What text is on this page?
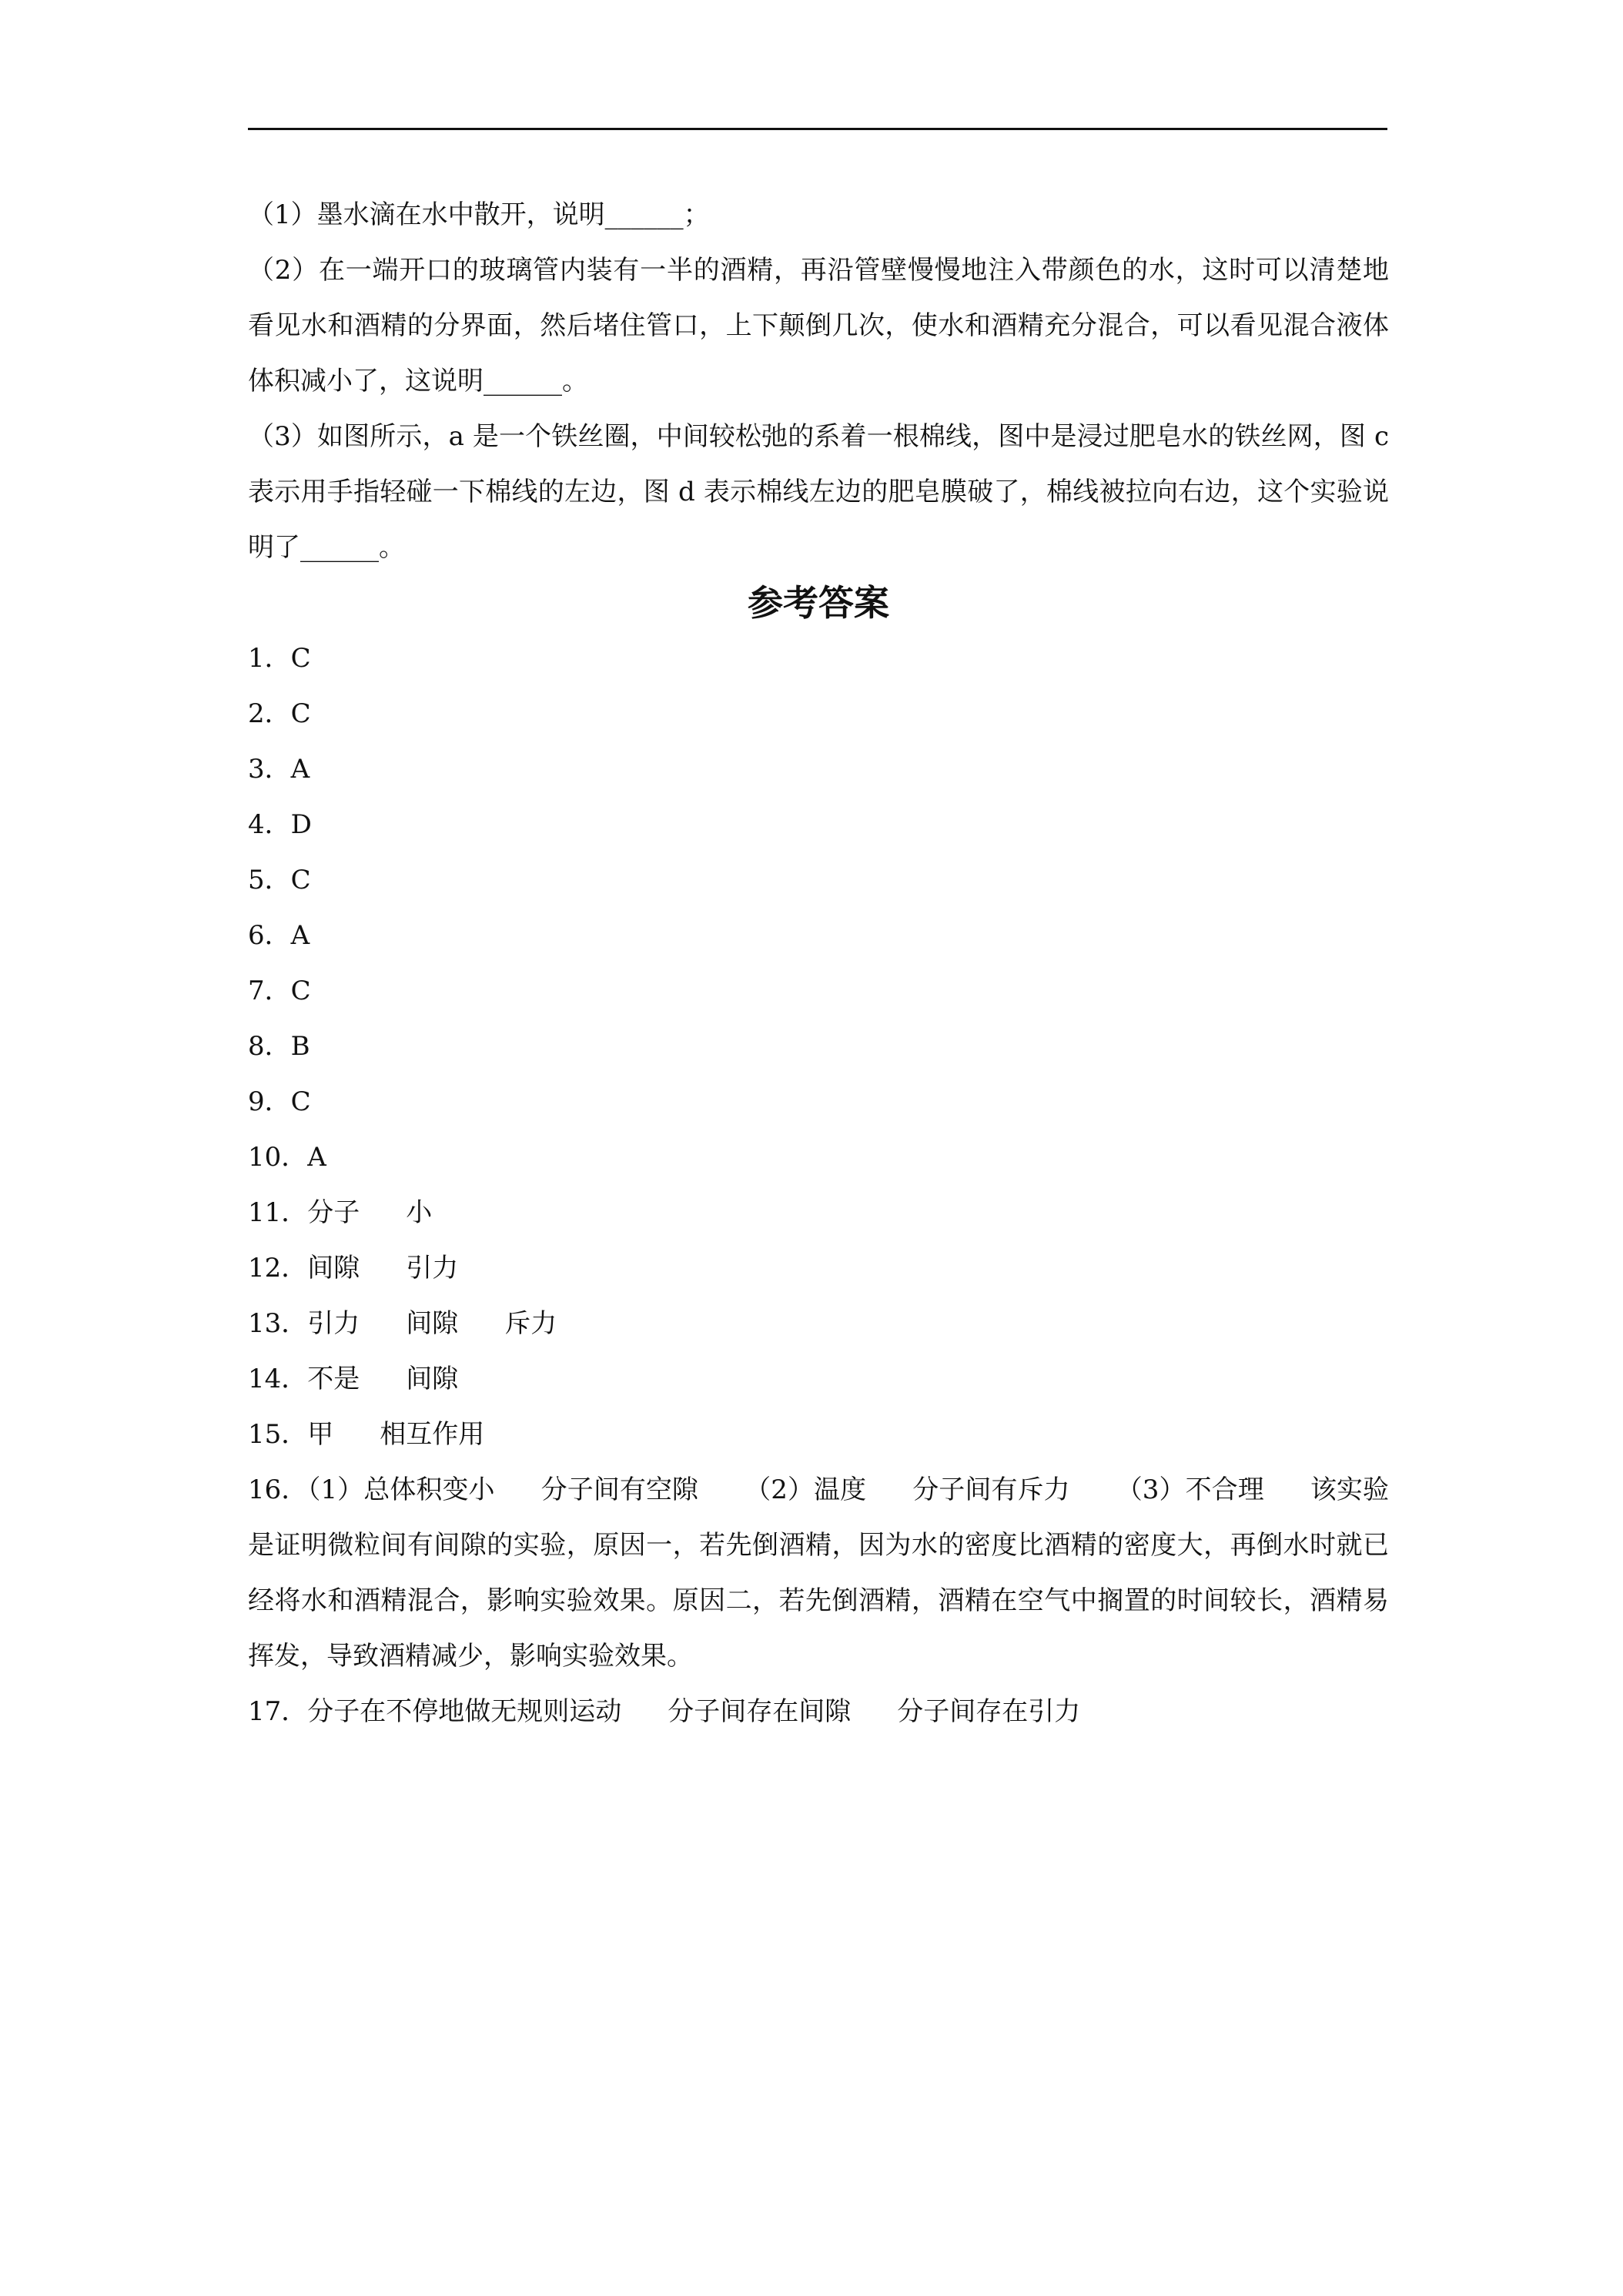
（1）墨水滴在水中散开，说明______；

（2）在一端开口的玻璃管内装有一半的酒精，再沿管壁慢慢地注入带颜色的水，这时可以清楚地看见水和酒精的分界面，然后堵住管口，上下颠倒几次，使水和酒精充分混合，可以看见混合液体体积减小了，这说明______。

（3）如图所示，a 是一个铁丝圈，中间较松弛的系着一根棉线，图中是浸过肥皂水的铁丝网，图 c 表示用手指轻碰一下棉线的左边，图 d 表示棉线左边的肥皂膜破了，棉线被拉向右边，这个实验说明了______。

参考答案
1．C
2．C
3．A
4．D
5．C
6．A
7．C
8．B
9．C
10．A
11．分子 小
12．间隙 引力
13．引力 间隙 斥力
14．不是 间隙
15．甲 相互作用
16．（1）总体积变小 分子间有空隙 （2）温度 分子间有斥力 （3）不合理 该实验是证明微粒间有间隙的实验，原因一，若先倒酒精，因为水的密度比酒精的密度大，再倒水时就已经将水和酒精混合，影响实验效果。原因二，若先倒酒精，酒精在空气中搁置的时间较长，酒精易挥发，导致酒精减少，影响实验效果。
17．分子在不停地做无规则运动 分子间存在间隙 分子间存在引力
